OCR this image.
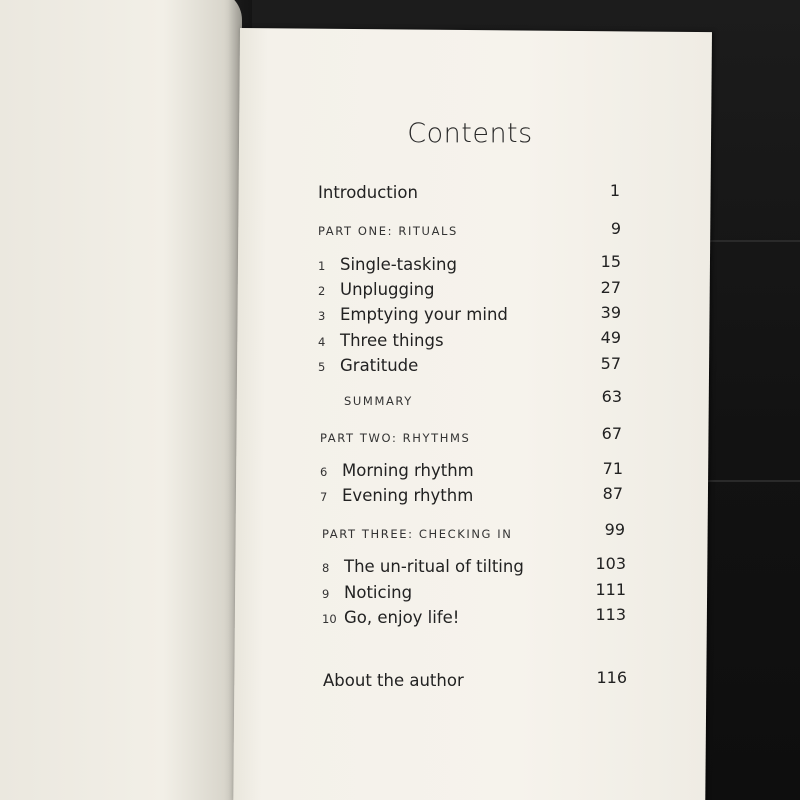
Contents
Introduction	1
PART ONE: RITUALS	9
1 Single-tasking	15
2 Unplugging	27
3 Emptying your mind	39
4 Three things	49
5 Gratitude	57
SUMMARY	63
PART TWO: RHYTHMS	67
6 Morning rhythm	71
7 Evening rhythm	87
PART THREE: CHECKING IN	99
8 The un-ritual of tilting	103
9 Noticing	111
10 Go, enjoy life!	113
About the author	116
